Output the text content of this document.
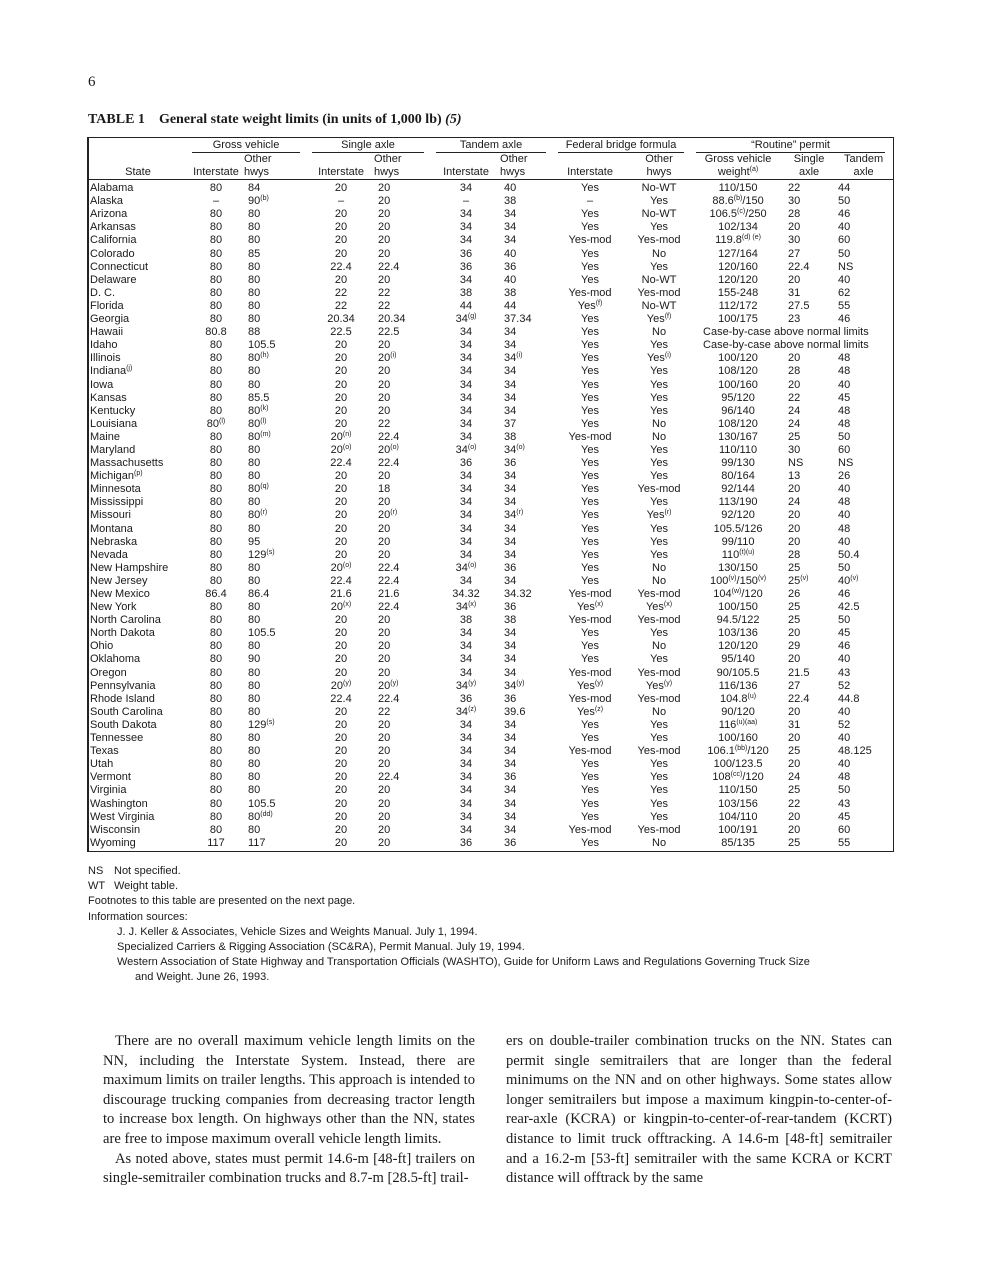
6
TABLE 1 General state weight limits (in units of 1,000 lb) (5)

	Gross vehicle		Single axle		Tandem axle		Federal bridge formula		“Routine” permit		

		Other		Other		Other		Other	Gross vehicle	Single	Tandem
State	Interstate	hwys	Interstate	hwys	Interstate	hwys	Interstate	hwys	weight$^{(a)}$	axle	axle
Alabama	80	84	20	20	34	40	Yes	No-WT	110/150	22	44
Alaska	–	90$^{(b)}$	–	20	–	38	–	Yes	88.6$^{(b)}$/150	30	50
Arizona	80	80	20	20	34	34	Yes	No-WT	106.5$^{(c)}$/250	28	46
Arkansas	80	80	20	20	34	34	Yes	Yes	102/134	20	40
California	80	80	20	20	34	34	Yes-mod	Yes-mod	$119.8^{(d) (e)}$	30	60
Colorado	80	85	20	20	36	40	Yes	No	127/164	27	50
Connecticut	80	80	22.4	22.4	36	36	Yes	Yes	120/160	22.4	NS
Delaware	80	80	20	20	34	40	Yes	No-WT	120/120	20	40
D. C.	80	80	22	22	38	38	Yes-mod	Yes-mod	155-248	31	62
Florida	80	80	22	22	44	44	Yes$^{(f)}$	No-WT	112/172	27.5	55
Georgia	80	80	20.34	20.34	34$^{(g)}$	37.34	Yes	Yes$^{(f)}$	100/175	23	46
Hawaii	80.8	88	22.5	22.5	34	34	Yes	No	Case-by-case above normal limits		
Idaho	80	105.5	20	20	34	34	Yes	Yes	Case-by-case above normal limits		
Illinois	80	80$^{(h)}$	20	20$^{(i)}$	34	34$^{(i)}$	Yes	Yes$^{(i)}$	100/120	20	48
Indiana$^{(j)}$	80	80	20	20	34	34	Yes	Yes	108/120	28	48
Iowa	80	80	20	20	34	34	Yes	Yes	100/160	20	40
Kansas	80	85.5	20	20	34	34	Yes	Yes	95/120	22	45
Kentucky	80	80$^{(k)}$	20	20	34	34	Yes	Yes	96/140	24	48
Louisiana	80$^{(l)}$	80$^{(l)}$	20	22	34	37	Yes	No	108/120	24	48
Maine	80	80$^{(m)}$	20$^{(n)}$	22.4	34	38	Yes-mod	No	130/167	25	50
Maryland	80	80	20$^{(o)}$	20$^{(o)}$	34$^{(o)}$	34$^{(o)}$	Yes	Yes	110/110	30	60
Massachusetts	80	80	22.4	22.4	36	36	Yes	Yes	99/130	NS	NS
Michigan$^{(p)}$	80	80	20	20	34	34	Yes	Yes	80/164	13	26
Minnesota	80	80$^{(q)}$	20	18	34	34	Yes	Yes-mod	92/144	20	40
Mississippi	80	80	20	20	34	34	Yes	Yes	113/190	24	48
Missouri	80	80$^{(r)}$	20	20$^{(r)}$	34	34$^{(r)}$	Yes	Yes$^{(r)}$	92/120	20	40
Montana	80	80	20	20	34	34	Yes	Yes	105.5/126	20	48
Nebraska	80	95	20	20	34	34	Yes	Yes	99/110	20	40
Nevada	80	129$^{(s)}$	20	20	34	34	Yes	Yes	$110^{(t)(u)}$	28	50.4
New Hampshire	80	80	20$^{(o)}$	22.4	34$^{(o)}$	36	Yes	No	130/150	25	50
New Jersey	80	80	22.4	22.4	34	34	Yes	No	100$^{(v)}$/150$^{(v)}$	25$^{(v)}$	40$^{(v)}$
New Mexico	86.4	86.4	21.6	21.6	34.32	34.32	Yes-mod	Yes-mod	104$^{(w)}$/120	26	46
New York	80	80	20$^{(x)}$	22.4	34$^{(x)}$	36	Yes$^{(x)}$	Yes$^{(x)}$	100/150	25	42.5
North Carolina	80	80	20	20	38	38	Yes-mod	Yes-mod	94.5/122	25	50
North Dakota	80	105.5	20	20	34	34	Yes	Yes	103/136	20	45
Ohio	80	80	20	20	34	34	Yes	No	120/120	29	46
Oklahoma	80	90	20	20	34	34	Yes	Yes	95/140	20	40
Oregon	80	80	20	20	34	34	Yes-mod	Yes-mod	90/105.5	21.5	43
Pennsylvania	80	80	20$^{(y)}$	20$^{(y)}$	34$^{(y)}$	34$^{(y)}$	Yes$^{(y)}$	Yes$^{(y)}$	116/136	27	52
Rhode Island	80	80	22.4	22.4	36	36	Yes-mod	Yes-mod	104.8$^{(u)}$	22.4	44.8
South Carolina	80	80	20	22	34$^{(z)}$	39.6	Yes$^{(z)}$	No	90/120	20	40
South Dakota	80	129$^{(s)}$	20	20	34	34	Yes	Yes	$116^{(u)(aa)}$	31	52
Tennessee	80	80	20	20	34	34	Yes	Yes	100/160	20	40
Texas	80	80	20	20	34	34	Yes-mod	Yes-mod	$106.1^{(bb)}/120$	25	48.125
Utah	80	80	20	20	34	34	Yes	Yes	100/123.5	20	40
Vermont	80	80	20	22.4	34	36	Yes	Yes	$108^{(cc)}/120$	24	48
Virginia	80	80	20	20	34	34	Yes	Yes	110/150	25	50
Washington	80	105.5	20	20	34	34	Yes	Yes	103/156	22	43
West Virginia	80	$80^{(dd)}$	20	20	34	34	Yes	Yes	104/110	20	45
Wisconsin	80	80	20	20	34	34	Yes-mod	Yes-mod	100/191	20	60
Wyoming	117	117	20	20	36	36	Yes	No	85/135	25	55
NS Not specified.
WT Weight table.
Footnotes to this table are presented on the next page.
Information sources:
J. J. Keller & Associates, Vehicle Sizes and Weights Manual. July 1, 1994.
Specialized Carriers & Rigging Association (SC&RA), Permit Manual. July 19, 1994.
Western Association of State Highway and Transportation Officials (WASHTO), Guide for Uniform Laws and Regulations Governing Truck Size
and Weight. June 26, 1993.

There are no overall maximum vehicle length limits on the NN, including the Interstate System. Instead, there are maximum limits on trailer lengths. This approach is intended to discourage trucking companies from decreasing tractor length to increase box length. On highways other than the NN, states are free to impose maximum overall vehicle length limits.

As noted above, states must permit 14.6-m [48-ft] trailers on single-semitrailer combination trucks and 8.7-m [28.5-ft] trail-

ers on double-trailer combination trucks on the NN. States can permit single semitrailers that are longer than the federal minimums on the NN and on other highways. Some states allow longer semitrailers but impose a maximum kingpin-to-center-of-rear-axle (KCRA) or kingpin-to-center-of-rear-tandem (KCRT) distance to limit truck offtracking. A 14.6-m [48-ft] semitrailer and a 16.2-m [53-ft] semitrailer with the same KCRA or KCRT distance will offtrack by the same
